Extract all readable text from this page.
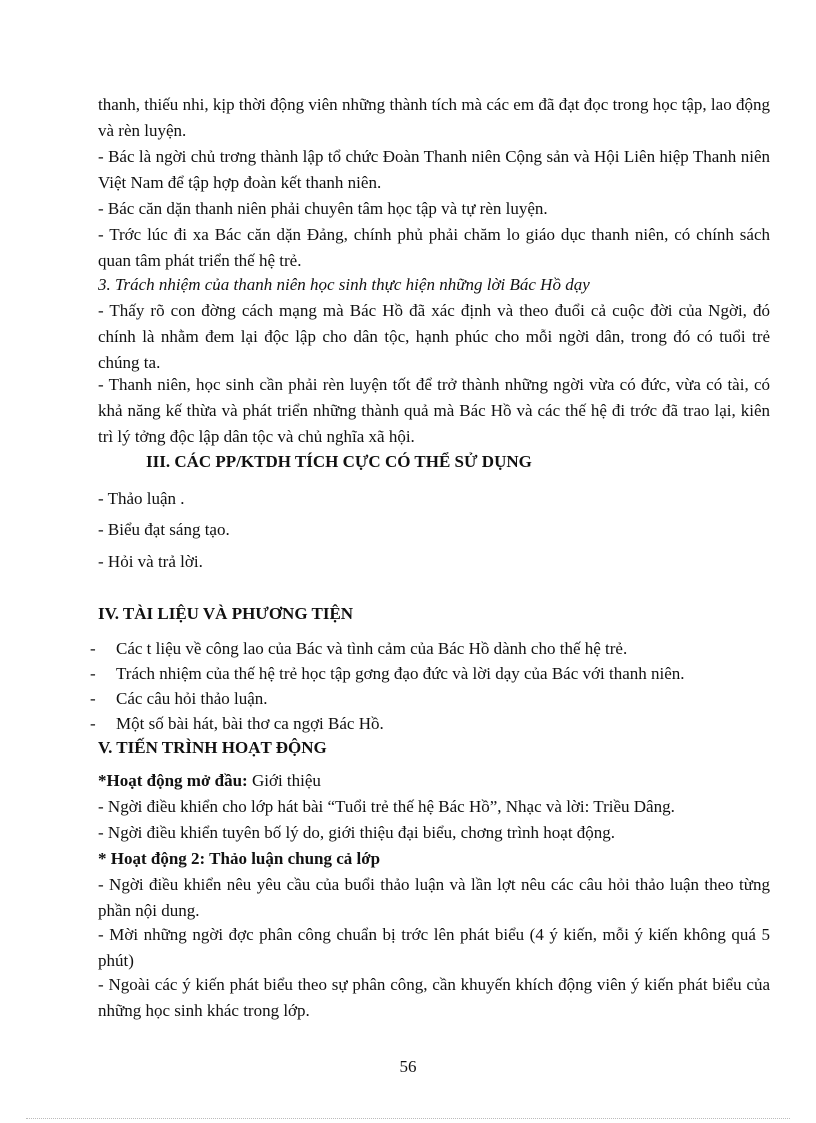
thanh, thiếu nhi, kịp thời động viên những thành tích mà các em đã đạt đọc trong học tập, lao động và rèn luyện.

- Bác là ngời chủ trơng thành lập tổ chức Đoàn Thanh niên Cộng sản và Hội Liên hiệp Thanh niên Việt Nam để tập hợp đoàn kết thanh niên.

- Bác căn dặn thanh niên phải chuyên tâm học tập và tự rèn luyện.

- Trớc lúc đi xa Bác căn dặn Đảng, chính phủ phải chăm lo giáo dục thanh niên, có chính sách quan tâm phát triển thế hệ trẻ.

3. Trách nhiệm của thanh niên học sinh thực hiện những lời Bác Hồ dạy

- Thấy rõ con đờng cách mạng mà Bác Hồ đã xác định và theo đuổi cả cuộc đời của Ngời, đó chính là nhằm đem lại độc lập cho dân tộc, hạnh phúc cho mỗi ngời dân, trong đó có tuổi trẻ chúng ta.

- Thanh niên, học sinh cần phải rèn luyện tốt để trở thành những ngời vừa có đức, vừa có tài, có khả năng kế thừa và phát triển những thành quả mà Bác Hồ và các thế hệ đi trớc đã trao lại, kiên trì lý tởng độc lập dân tộc và chủ nghĩa xã hội.

III. CÁC PP/KTDH TÍCH CỰC CÓ THỂ SỬ DỤNG

- Thảo luận .

- Biểu đạt sáng tạo.

- Hỏi và trả lời.

IV. TÀI LIỆU VÀ PHƯƠNG TIỆN
- Các t liệu về công lao của Bác và tình cảm của Bác Hồ dành cho thế hệ trẻ.
- Trách nhiệm của thế hệ trẻ học tập gơng đạo đức và lời dạy của Bác với thanh niên.
- Các câu hỏi thảo luận.
- Một số bài hát, bài thơ ca ngợi Bác Hồ.
V. TIẾN TRÌNH HOẠT ĐỘNG

*Hoạt động mở đầu: Giới thiệu

- Ngời điều khiển cho lớp hát bài “Tuổi trẻ thế hệ Bác Hồ”, Nhạc và lời: Triều Dâng.

- Ngời điều khiển tuyên bố lý do, giới thiệu đại biểu, chơng trình hoạt động.

* Hoạt động 2: Thảo luận chung cả lớp

- Ngời điều khiển nêu yêu cầu của buổi thảo luận và lần lợt nêu các câu hỏi thảo luận theo từng phần nội dung.

- Mời những ngời đợc phân công chuẩn bị trớc lên phát biểu (4 ý kiến, mỗi ý kiến không quá 5 phút)

- Ngoài các ý kiến phát biểu theo sự phân công, cần khuyến khích động viên ý kiến phát biểu của những học sinh khác trong lớp.

56
